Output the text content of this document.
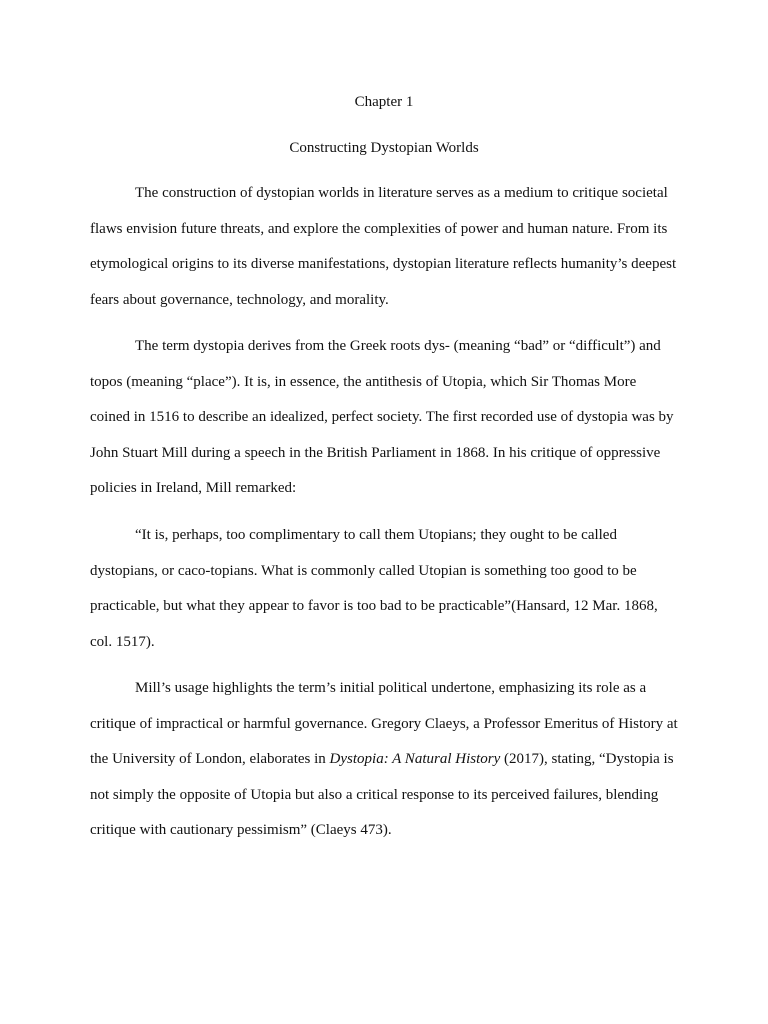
Chapter 1
Constructing Dystopian Worlds

The construction of dystopian worlds in literature serves as a medium to critique societal flaws envision future threats, and explore the complexities of power and human nature. From its etymological origins to its diverse manifestations, dystopian literature reflects humanity’s deepest fears about governance, technology, and morality.

The term dystopia derives from the Greek roots dys- (meaning “bad” or “difficult”) and topos (meaning “place”). It is, in essence, the antithesis of Utopia, which Sir Thomas More coined in 1516 to describe an idealized, perfect society. The first recorded use of dystopia was by John Stuart Mill during a speech in the British Parliament in 1868. In his critique of oppressive policies in Ireland, Mill remarked:

“It is, perhaps, too complimentary to call them Utopians; they ought to be called dystopians, or caco-topians. What is commonly called Utopian is something too good to be practicable, but what they appear to favor is too bad to be practicable”(Hansard, 12 Mar. 1868, col. 1517).

Mill’s usage highlights the term’s initial political undertone, emphasizing its role as a critique of impractical or harmful governance. Gregory Claeys, a Professor Emeritus of History at the University of London, elaborates in Dystopia: A Natural History (2017), stating, “Dystopia is not simply the opposite of Utopia but also a critical response to its perceived failures, blending critique with cautionary pessimism” (Claeys 473).
